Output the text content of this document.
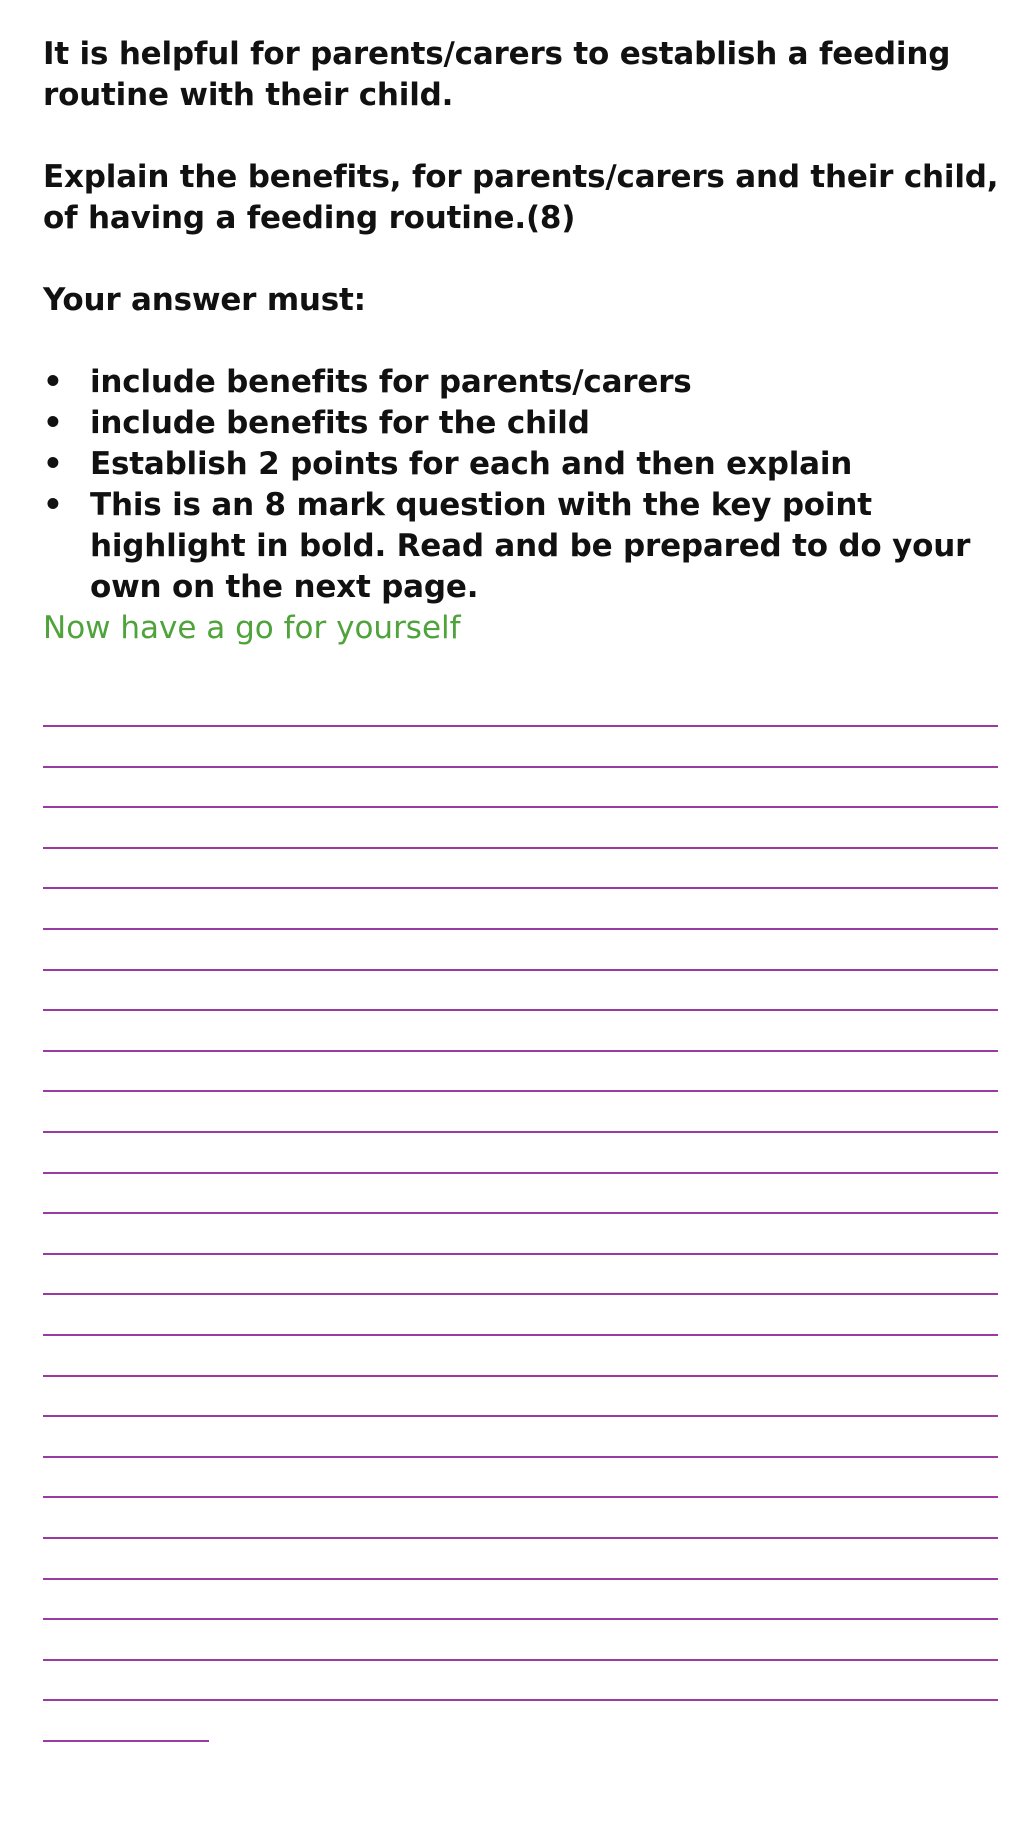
It is helpful for parents/carers to establish a feeding routine with their child.

Explain the benefits, for parents/carers and their child, of having a feeding routine.(8)

Your answer must:

• include benefits for parents/carers
• include benefits for the child
• Establish 2 points for each and then explain
• This is an 8 mark question with the key point highlight in bold. Read and be prepared to do your own on the next page.

Now have a go for yourself
